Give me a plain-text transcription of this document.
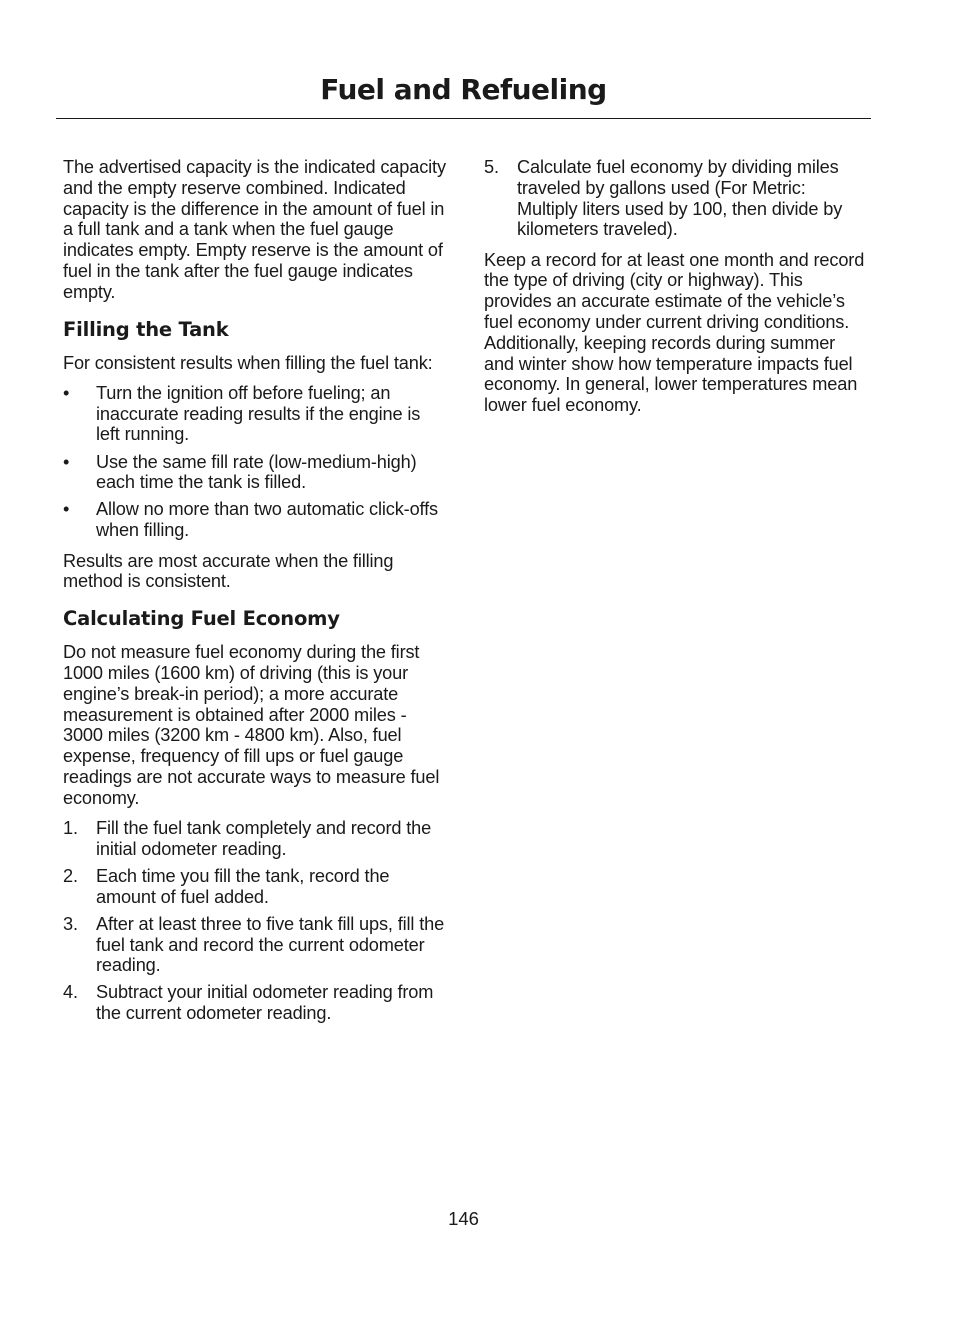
Fuel and Refueling

The advertised capacity is the indicated capacity and the empty reserve combined. Indicated capacity is the difference in the amount of fuel in a full tank and a tank when the fuel gauge indicates empty. Empty reserve is the amount of fuel in the tank after the fuel gauge indicates empty.

Filling the Tank

For consistent results when filling the fuel tank:

• Turn the ignition off before fueling; an inaccurate reading results if the engine is left running.
• Use the same fill rate (low-medium-high) each time the tank is filled.
• Allow no more than two automatic click-offs when filling.

Results are most accurate when the filling method is consistent.

Calculating Fuel Economy

Do not measure fuel economy during the first 1000 miles (1600 km) of driving (this is your engine’s break-in period); a more accurate measurement is obtained after 2000 miles - 3000 miles (3200 km - 4800 km). Also, fuel expense, frequency of fill ups or fuel gauge readings are not accurate ways to measure fuel economy.

1. Fill the fuel tank completely and record the initial odometer reading.
2. Each time you fill the tank, record the amount of fuel added.
3. After at least three to five tank fill ups, fill the fuel tank and record the current odometer reading.
4. Subtract your initial odometer reading from the current odometer reading.
5. Calculate fuel economy by dividing miles traveled by gallons used (For Metric: Multiply liters used by 100, then divide by kilometers traveled).

Keep a record for at least one month and record the type of driving (city or highway). This provides an accurate estimate of the vehicle’s fuel economy under current driving conditions. Additionally, keeping records during summer and winter show how temperature impacts fuel economy. In general, lower temperatures mean lower fuel economy.

146
